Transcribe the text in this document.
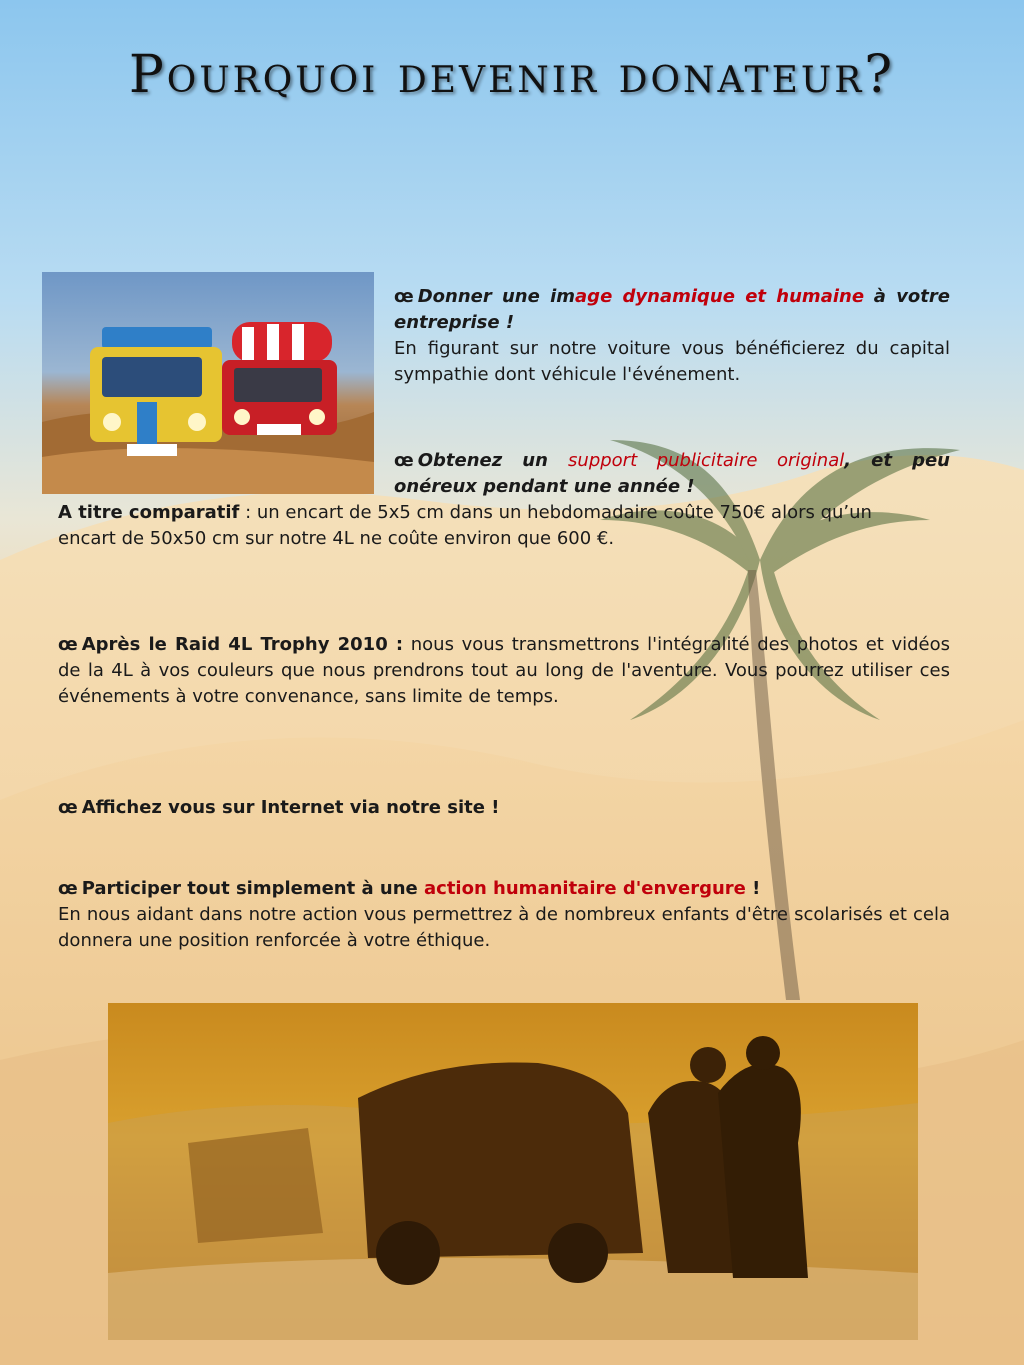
Pourquoi devenir donateur?

œ Donner une image dynamique et humaine à votre entreprise !

En figurant sur notre voiture vous bénéficierez du capital sympathie dont véhicule l'événement.

œ Obtenez un support publicitaire original, et peu onéreux pendant une année !

A titre comparatif : un encart de 5x5 cm dans un hebdomadaire coûte 750€ alors qu’un encart de 50x50 cm sur notre 4L ne coûte environ que 600 €.

œ Après le Raid 4L Trophy 2010 : nous vous transmettrons l'intégralité des photos et vidéos de la 4L à vos couleurs que nous prendrons tout au long de l'aventure. Vous pourrez utiliser ces événements à votre convenance, sans limite de temps.

œ Affichez vous sur Internet via notre site !

œ Participer tout simplement à une action humanitaire d'envergure !

En nous aidant dans notre action vous permettrez à de nombreux enfants d'être scolarisés et cela donnera une position renforcée à votre éthique.
